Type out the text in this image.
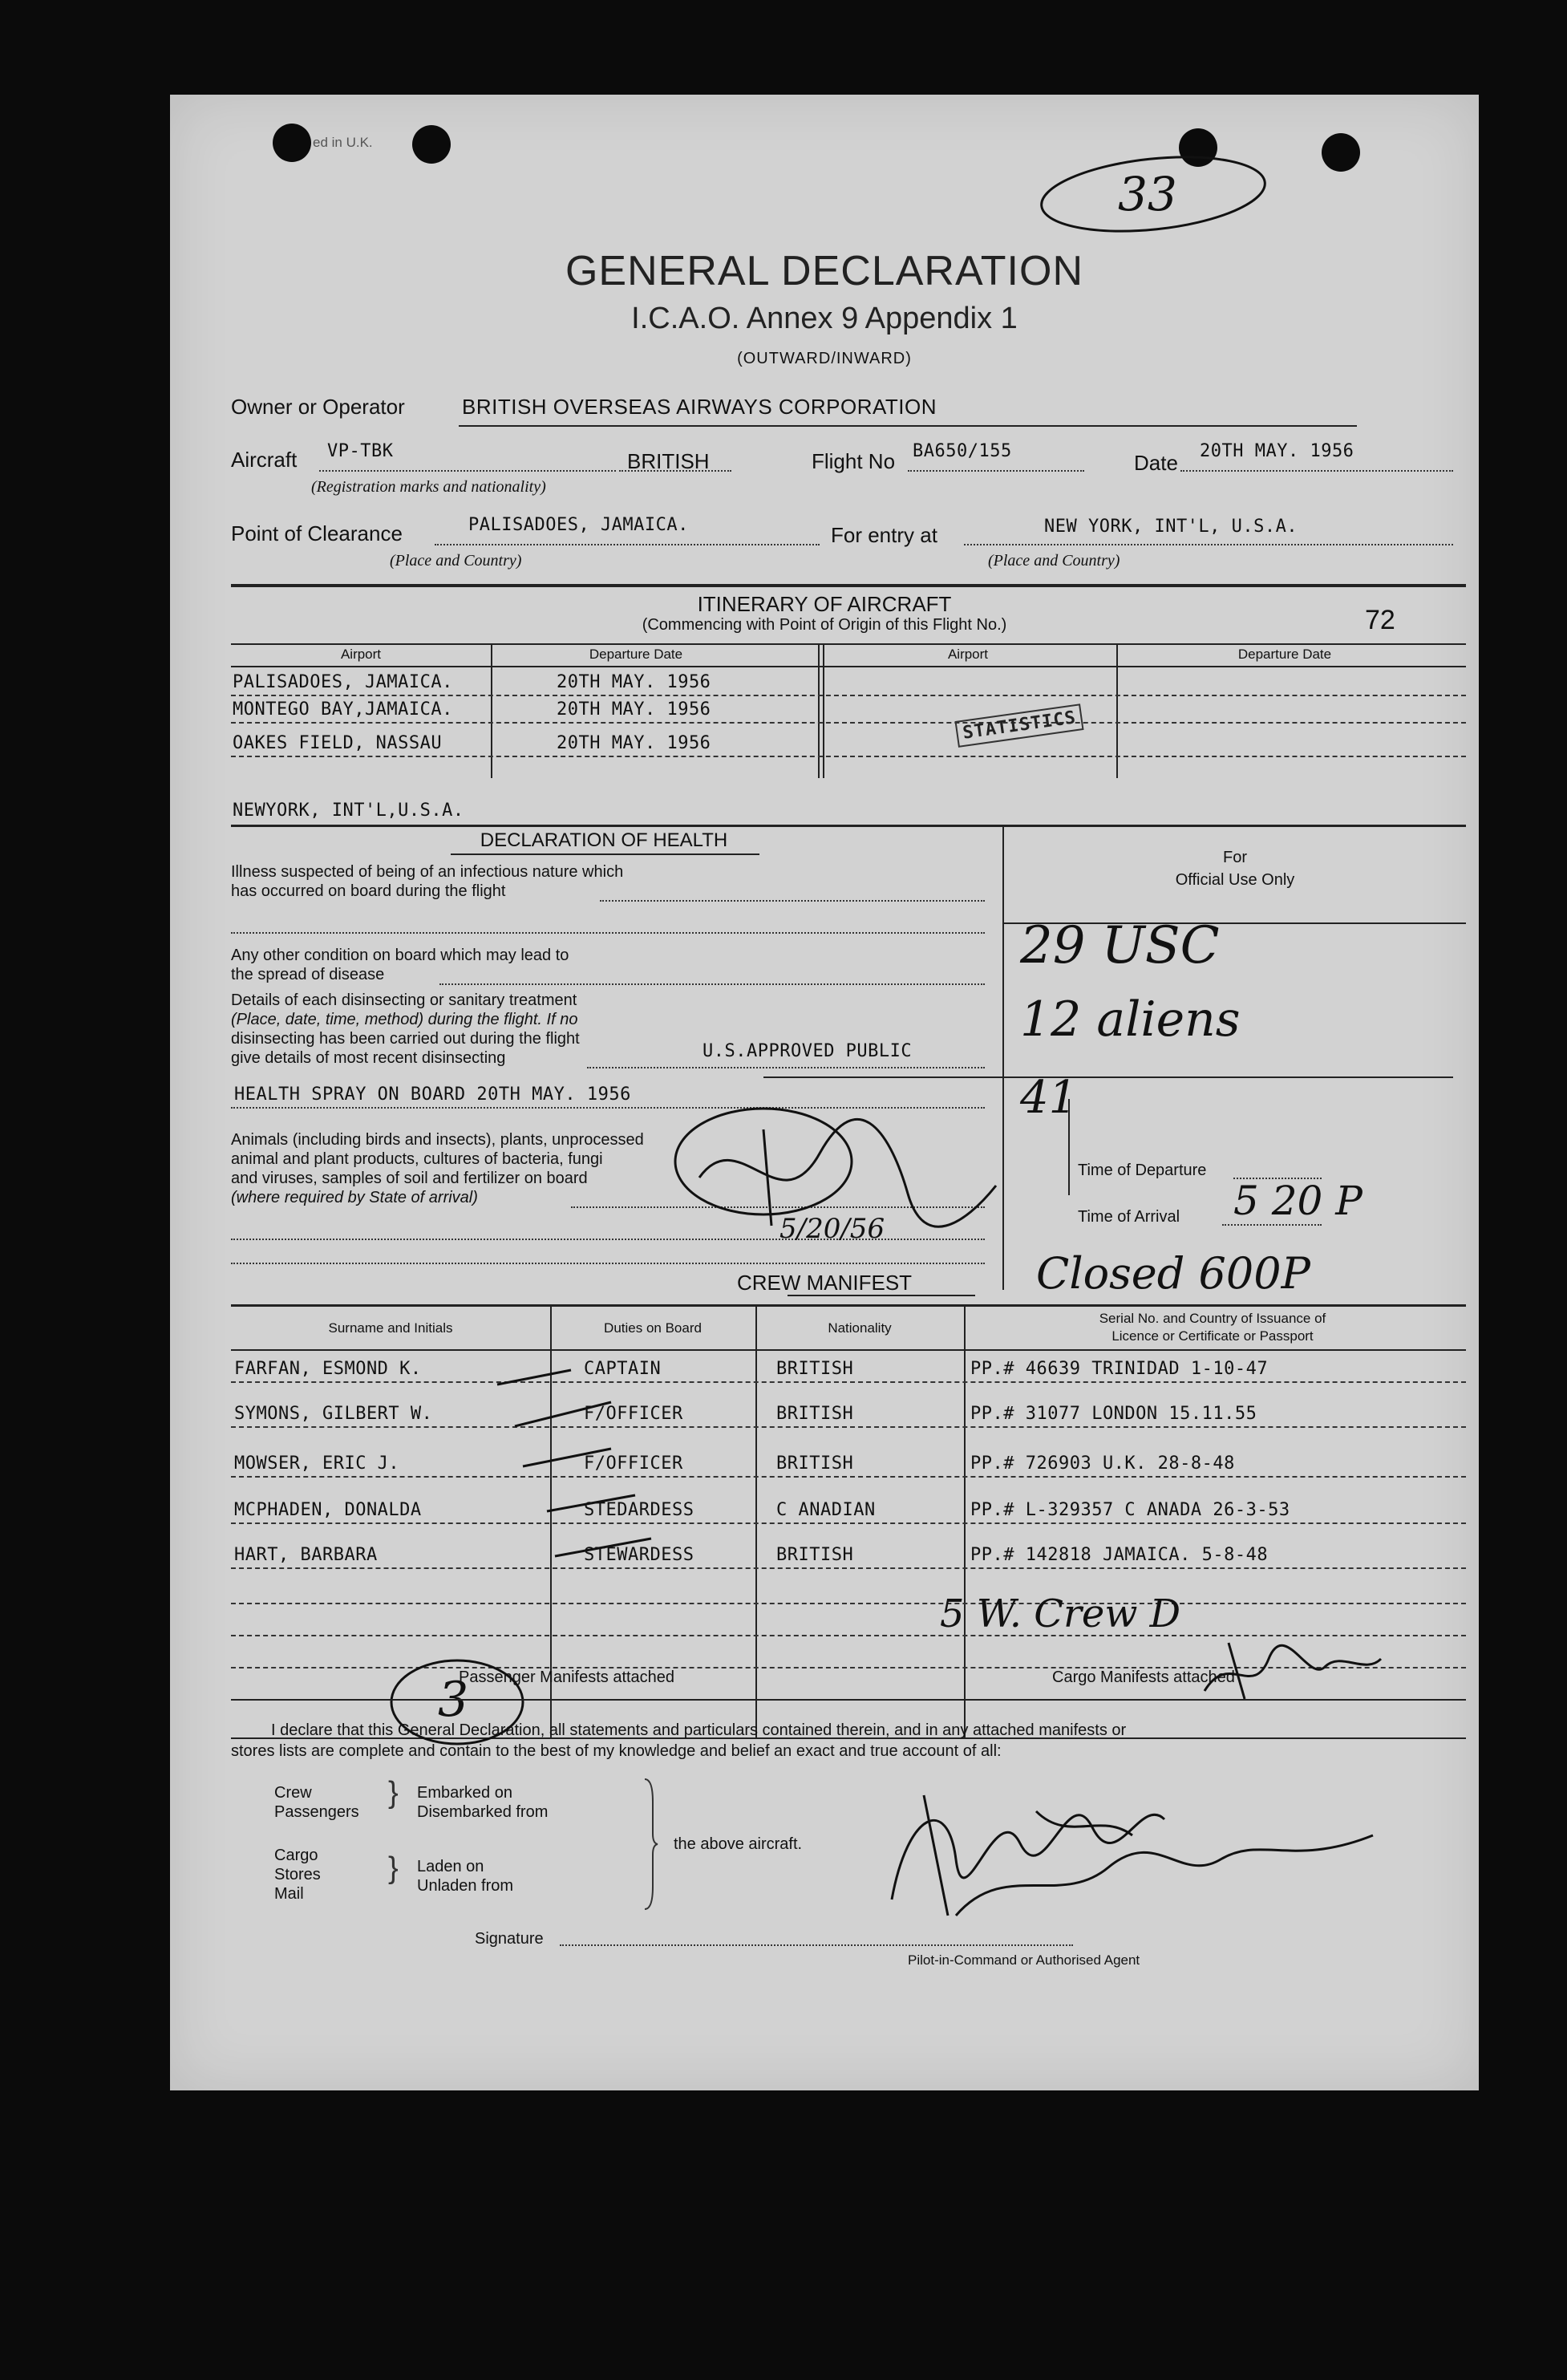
ed in U.K.
33
GENERAL DECLARATION
I.C.A.O. Annex 9 Appendix 1
(OUTWARD/INWARD)
Owner or Operator	BRITISH OVERSEAS AIRWAYS CORPORATION
Aircraft VP-TBK	BRITISH	Flight No BA650/155	Date 20TH MAY. 1956
(Registration marks and nationality)
Point of Clearance	PALISADOES, JAMAICA.
(Place and Country)
For entry at	NEW YORK, INT'L, U.S.A.
(Place and Country)
ITINERARY OF AIRCRAFT
(Commencing with Point of Origin of this Flight No.)	72
Airport	Departure Date	Airport	Departure Date
PALISADOES, JAMAICA.	20TH MAY. 1956
MONTEGO BAY,JAMAICA.	20TH MAY. 1956
OAKES FIELD, NASSAU	20TH MAY. 1956
NEWYORK, INT'L,U.S.A.
STATISTICS
DECLARATION OF HEALTH
Illness suspected of being of an infectious nature which
has occurred on board during the flight
Any other condition on board which may lead to
the spread of disease
Details of each disinsecting or sanitary treatment
(Place, date, time, method) during the flight. If no
disinsecting has been carried out during the flight
give details of most recent disinsecting	U.S.APPROVED PUBLIC
HEALTH SPRAY ON BOARD 20TH MAY. 1956
Animals (including birds and insects), plants, unprocessed
animal and plant products, cultures of bacteria, fungi
and viruses, samples of soil and fertilizer on board
(where required by State of arrival)
5/20/56
For
Official Use Only
29 USC
12 aliens
41
Time of Departure
Time of Arrival 5 20 P
Closed 600P
CREW MANIFEST
Surname and Initials	Duties on Board	Nationality
Serial No. and Country of Issuance of
Licence or Certificate or Passport
FARFAN, ESMOND K.	CAPTAIN	BRITISH	PP.# 46639 TRINIDAD 1-10-47
SYMONS, GILBERT W.	F/OFFICER	BRITISH	PP.# 31077 LONDON 15.11.55
MOWSER, ERIC J.	F/OFFICER	BRITISH	PP.# 726903 U.K. 28-8-48
MCPHADEN, DONALDA	STEDARDESS	C ANADIAN	PP.# L-329357 C ANADA 26-3-53
HART, BARBARA	STEWARDESS	BRITISH	PP.# 142818 JAMAICA. 5-8-48
5 W. Crew D
3
Passenger Manifests attached	Cargo Manifests attached
I declare that this General Declaration, all statements and particulars contained therein, and in any attached manifests or
stores lists are complete and contain to the best of my knowledge and belief an exact and true account of all:
Crew
Passengers
} Embarked on
Disembarked from
Cargo
Stores
Mail
} Laden on
Unladen from
the above aircraft.
Signature
Pilot-in-Command or Authorised Agent
